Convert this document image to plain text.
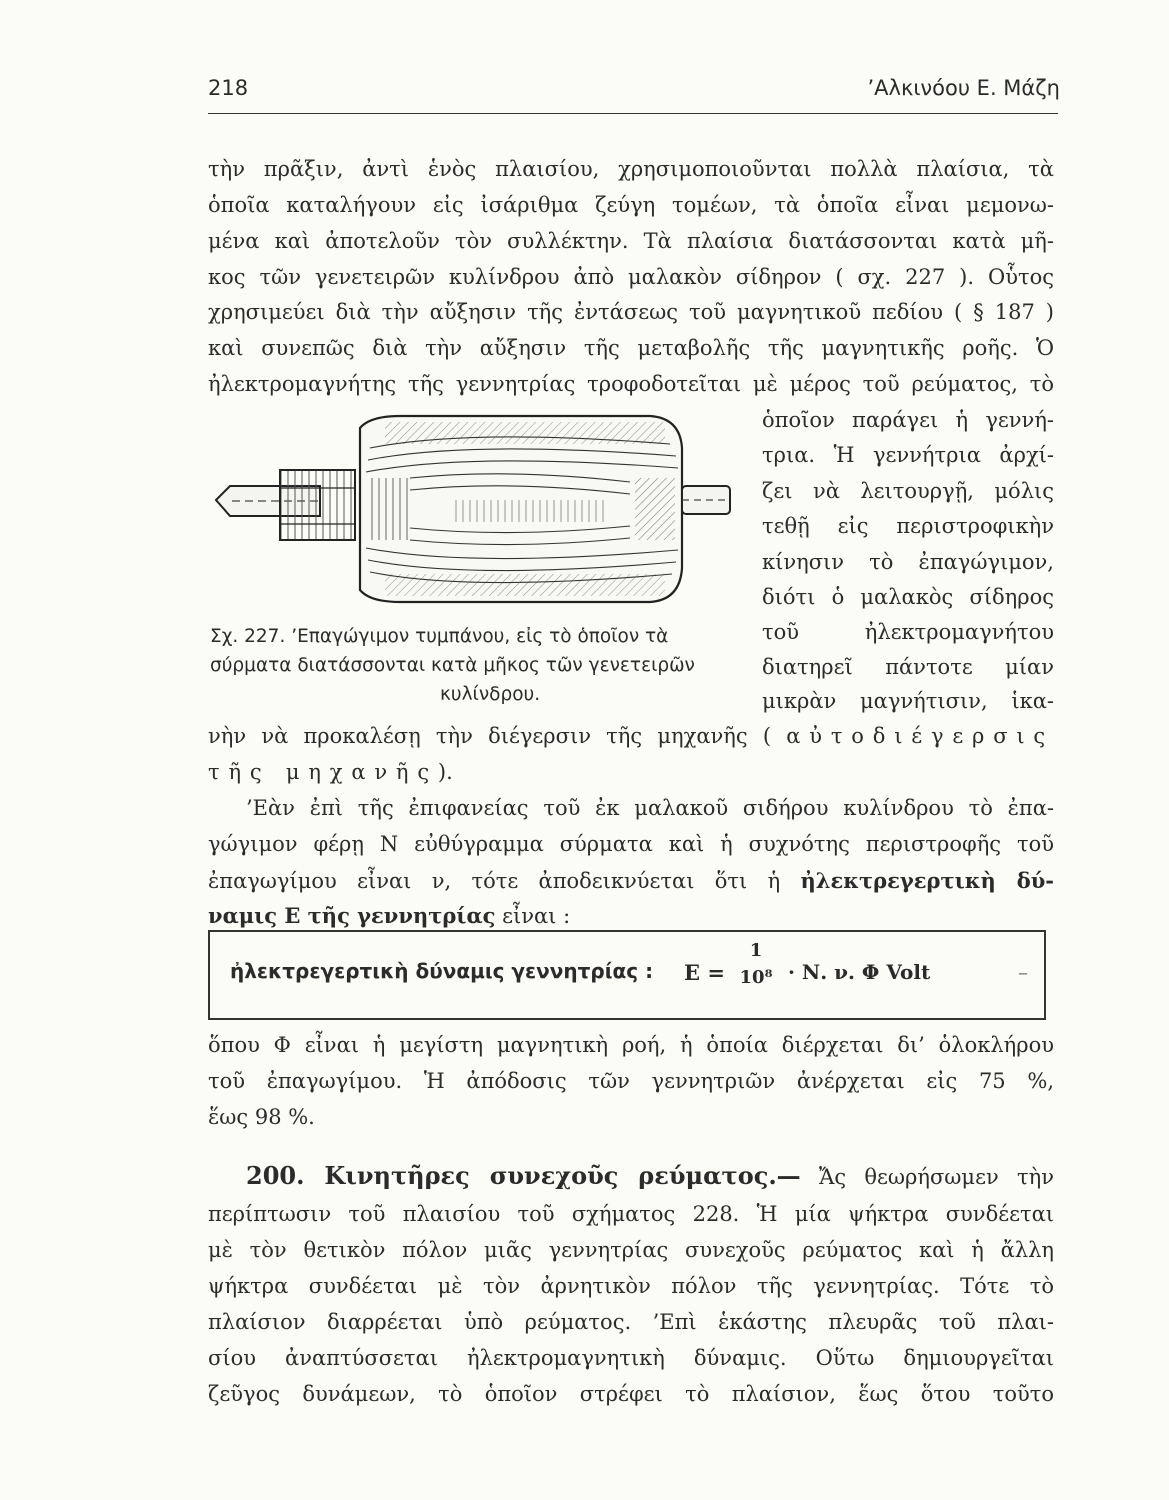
218	’Αλκινόου Ε. Μάζη
τὴν πρᾶξιν, ἀντὶ ἑνὸς πλαισίου, χρησιμοποιοῦνται πολλὰ πλαίσια, τὰ
ὁποῖα καταλήγουν εἰς ἰσάριθμα ζεύγη τομέων, τὰ ὁποῖα εἶναι μεμονω-
μένα καὶ ἀποτελοῦν τὸν συλλέκτην. Τὰ πλαίσια διατάσσονται κατὰ μῆ-
κος τῶν γενετειρῶν κυλίνδρου ἀπὸ μαλακὸν σίδηρον ( σχ. 227 ). Οὗτος
χρησιμεύει διὰ τὴν αὔξησιν τῆς ἐντάσεως τοῦ μαγνητικοῦ πεδίου ( § 187 )
καὶ συνεπῶς διὰ τὴν αὔξησιν τῆς μεταβολῆς τῆς μαγνητικῆς ροῆς. Ὁ
ἠλεκτρομαγνήτης τῆς γεννητρίας τροφοδοτεῖται μὲ μέρος τοῦ ρεύματος, τὸ
ὁποῖον παράγει ἡ γεννή-
τρια. Ἡ γεννήτρια ἀρχί-
ζει νὰ λειτουργῇ, μόλις
τεθῇ εἰς περιστροφικὴν
κίνησιν τὸ ἐπαγώγιμον,
διότι ὁ μαλακὸς σίδηρος
τοῦ ἠλεκτρομαγνήτου
διατηρεῖ πάντοτε μίαν
μικρὰν μαγνήτισιν, ἱκα-
Σχ. 227. ’Επαγώγιμον τυμπάνου, εἰς τὸ ὁποῖον τὰ
σύρματα διατάσσονται κατὰ μῆκος τῶν γενετειρῶν
κυλίνδρου.
νὴν νὰ προκαλέσῃ τὴν διέγερσιν τῆς μηχανῆς ( αὐτοδιέγερσις
τῆς μηχανῆς).
’Εὰν ἐπὶ τῆς ἐπιφανείας τοῦ ἐκ μαλακοῦ σιδήρου κυλίνδρου τὸ ἐπα-
γώγιμον φέρῃ Ν εὐθύγραμμα σύρματα καὶ ἡ συχνότης περιστροφῆς τοῦ
ἐπαγωγίμου εἶναι ν, τότε ἀποδεικνύεται ὅτι ἡ ἠλεκτρεγερτικὴ δύ-
ναμις Ε τῆς γεννητρίας εἶναι :
ἠλεκτρεγερτικὴ δύναμις γεννητρίας : Ε =
1
10⁸ · Ν. ν. Φ Volt	–
ὅπου Φ εἶναι ἡ μεγίστη μαγνητικὴ ροή, ἡ ὁποία διέρχεται δι’ ὁλοκλήρου
τοῦ ἐπαγωγίμου. Ἡ ἀπόδοσις τῶν γεννητριῶν ἀνέρχεται εἰς 75 %,
ἕως 98 %.
200. Κινητῆρες συνεχοῦς ρεύματος.— Ἄς θεωρήσωμεν τὴν
περίπτωσιν τοῦ πλαισίου τοῦ σχήματος 228. Ἡ μία ψήκτρα συνδέεται
μὲ τὸν θετικὸν πόλον μιᾶς γεννητρίας συνεχοῦς ρεύματος καὶ ἡ ἄλλη
ψήκτρα συνδέεται μὲ τὸν ἀρνητικὸν πόλον τῆς γεννητρίας. Τότε τὸ
πλαίσιον διαρρέεται ὑπὸ ρεύματος. ’Επὶ ἑκάστης πλευρᾶς τοῦ πλαι-
σίου ἀναπτύσσεται ἠλεκτρομαγνητικὴ δύναμις. Οὕτω δημιουργεῖται
ζεῦγος δυνάμεων, τὸ ὁποῖον στρέφει τὸ πλαίσιον, ἕως ὅτου τοῦτο
